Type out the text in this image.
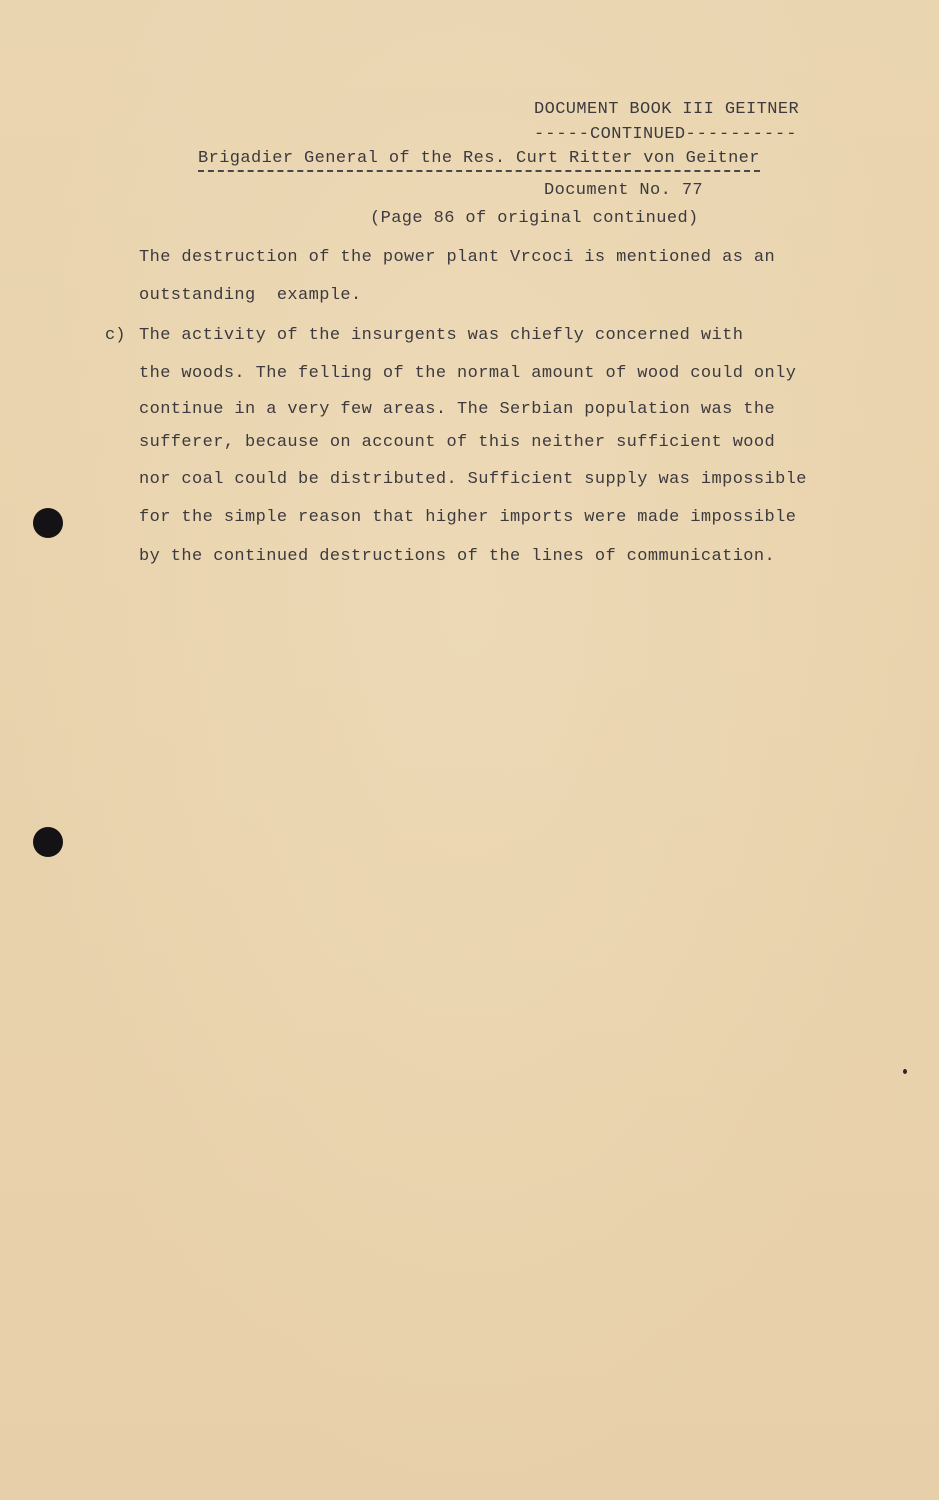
DOCUMENT BOOK III GEITNER
-----CONTINUED----------
Brigadier General of the Res. Curt Ritter von Geitner
Document No. 77
(Page 86 of original continued)
The destruction of the power plant Vrcoci is mentioned as an
outstanding  example.
c) The activity of the insurgents was chiefly concerned with
the woods. The felling of the normal amount of wood could only
continue in a very few areas. The Serbian population was the
sufferer, because on account of this neither sufficient wood
nor coal could be distributed. Sufficient supply was impossible
for the simple reason that higher imports were made impossible
by the continued destructions of the lines of communication.
